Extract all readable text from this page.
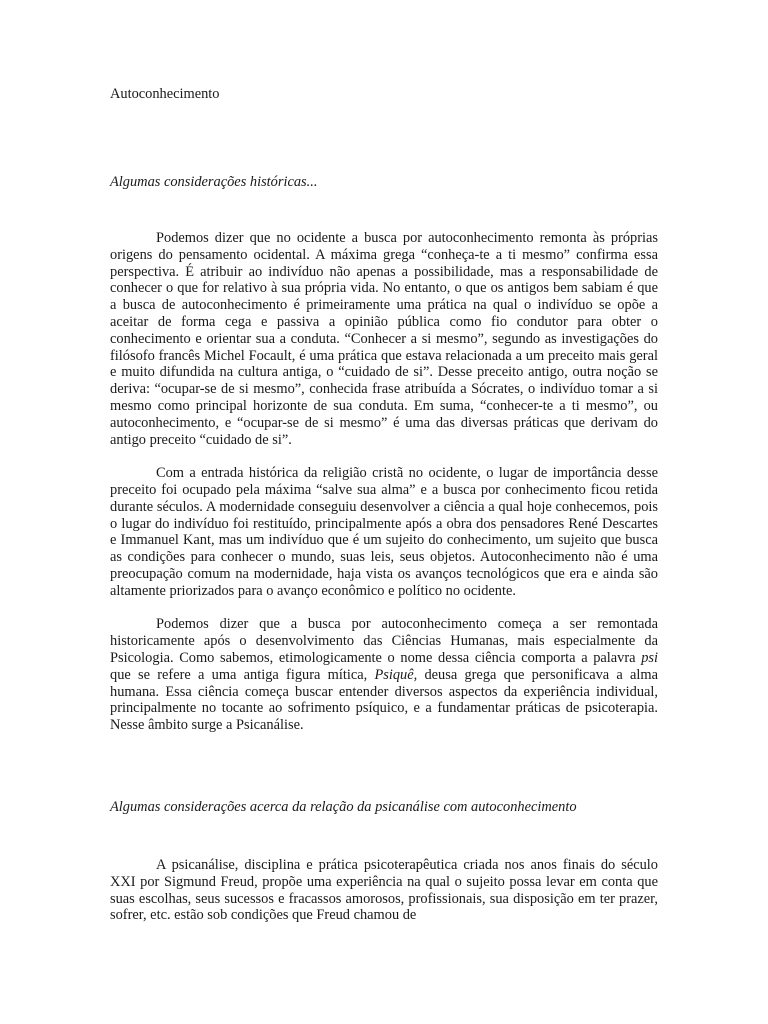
Autoconhecimento
Algumas considerações históricas...

Podemos dizer que no ocidente a busca por autoconhecimento remonta às próprias origens do pensamento ocidental. A máxima grega “conheça-te a ti mesmo” confirma essa perspectiva. É atribuir ao indivíduo não apenas a possibilidade, mas a responsabilidade de conhecer o que for relativo à sua própria vida. No entanto, o que os antigos bem sabiam é que a busca de autoconhecimento é primeiramente uma prática na qual o indivíduo se opõe a aceitar de forma cega e passiva a opinião pública como fio condutor para obter o conhecimento e orientar sua a conduta. “Conhecer a si mesmo”, segundo as investigações do filósofo francês Michel Focault, é uma prática que estava relacionada a um preceito mais geral e muito difundida na cultura antiga, o “cuidado de si”. Desse preceito antigo, outra noção se deriva: “ocupar-se de si mesmo”, conhecida frase atribuída a Sócrates, o indivíduo tomar a si mesmo como principal horizonte de sua conduta. Em suma, “conhecer-te a ti mesmo”, ou autoconhecimento, e “ocupar-se de si mesmo” é uma das diversas práticas que derivam do antigo preceito “cuidado de si”.

Com a entrada histórica da religião cristã no ocidente, o lugar de importância desse preceito foi ocupado pela máxima “salve sua alma” e a busca por conhecimento ficou retida durante séculos. A modernidade conseguiu desenvolver a ciência a qual hoje conhecemos, pois o lugar do indivíduo foi restituído, principalmente após a obra dos pensadores René Descartes e Immanuel Kant, mas um indivíduo que é um sujeito do conhecimento, um sujeito que busca as condições para conhecer o mundo, suas leis, seus objetos. Autoconhecimento não é uma preocupação comum na modernidade, haja vista os avanços tecnológicos que era e ainda são altamente priorizados para o avanço econômico e político no ocidente.

Podemos dizer que a busca por autoconhecimento começa a ser remontada historicamente após o desenvolvimento das Ciências Humanas, mais especialmente da Psicologia. Como sabemos, etimologicamente o nome dessa ciência comporta a palavra psi que se refere a uma antiga figura mítica, Psiquê, deusa grega que personificava a alma humana. Essa ciência começa buscar entender diversos aspectos da experiência individual, principalmente no tocante ao sofrimento psíquico, e a fundamentar práticas de psicoterapia. Nesse âmbito surge a Psicanálise.

Algumas considerações acerca da relação da psicanálise com autoconhecimento

A psicanálise, disciplina e prática psicoterapêutica criada nos anos finais do século XXI por Sigmund Freud, propõe uma experiência na qual o sujeito possa levar em conta que suas escolhas, seus sucessos e fracassos amorosos, profissionais, sua disposição em ter prazer, sofrer, etc. estão sob condições que Freud chamou de
